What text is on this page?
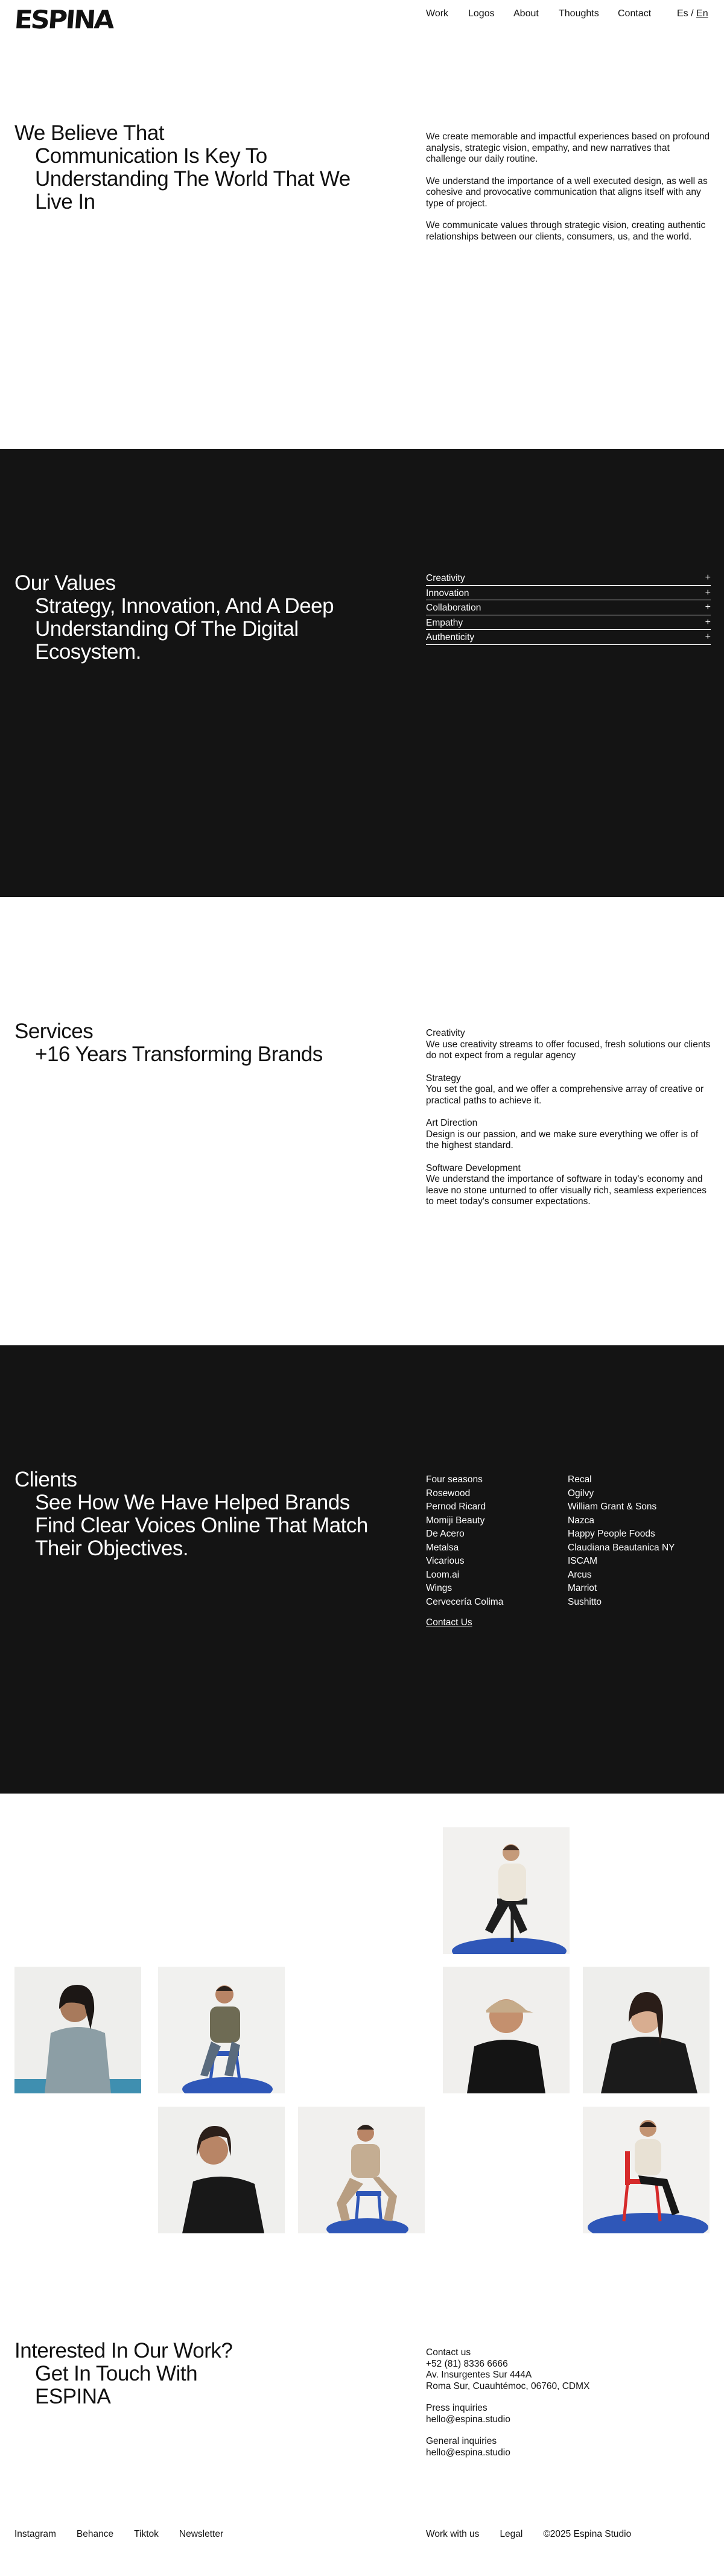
ESPINA	Work	Logos	About	Thoughts	Contact	Es / En
We Believe That
Communication Is Key To Understanding The World That We Live In

We create memorable and impactful experiences based on profound analysis, strategic vision, empathy, and new narratives that challenge our daily routine.

We understand the importance of a well executed design, as well as cohesive and provocative communication that aligns itself with any type of project.

We communicate values through strategic vision, creating authentic relationships between our clients, consumers, us, and the world.

Our Values
Strategy, Innovation, And A Deep Understanding Of The Digital Ecosystem.
Creativity	+
Innovation	+
Collaboration	+
Empathy	+
Authenticity	+
Services
+16 Years Transforming Brands
Creativity
We use creativity streams to offer focused, fresh solutions our clients do not expect from a regular agency
Strategy
You set the goal, and we offer a comprehensive array of creative or practical paths to achieve it.
Art Direction
Design is our passion, and we make sure everything we offer is of the highest standard.
Software Development
We understand the importance of software in today's economy and leave no stone unturned to offer visually rich, seamless experiences to meet today's consumer expectations.
Clients
See How We Have Helped Brands Find Clear Voices Online That Match Their Objectives.
Four seasons
Rosewood
Pernod Ricard
Momiji Beauty
De Acero
Metalsa
Vicarious
Loom.ai
Wings
Cervecería Colima
Recal
Ogilvy
William Grant & Sons
Nazca
Happy People Foods
Claudiana Beautanica NY
ISCAM
Arcus
Marriot
Sushitto
Contact Us
Interested In Our Work?
Get In Touch With ESPINA
Contact us
+52 (81) 8336 6666
Av. Insurgentes Sur 444A
Roma Sur, Cuauhtémoc, 06760, CDMX
Press inquiries
hello@espina.studio
General inquiries
hello@espina.studio
Instagram Behance Tiktok Newsletter	Work with us Legal ©2025 Espina Studio
